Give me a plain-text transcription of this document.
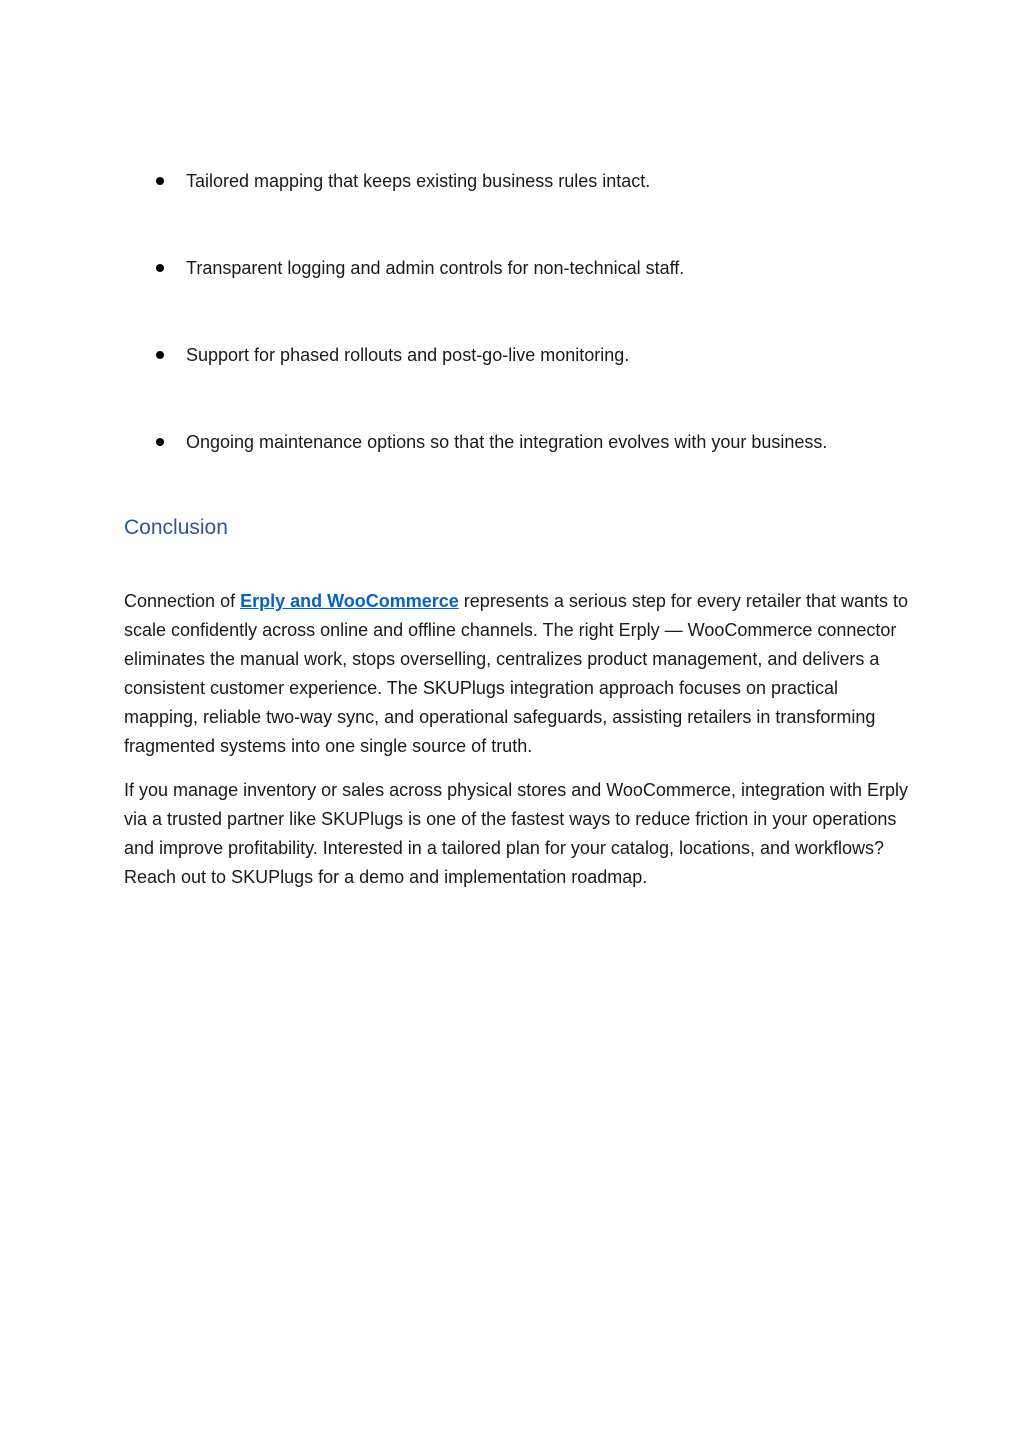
Tailored mapping that keeps existing business rules intact.
Transparent logging and admin controls for non-technical staff.
Support for phased rollouts and post-go-live monitoring.
Ongoing maintenance options so that the integration evolves with your business.
Conclusion

Connection of Erply and WooCommerce represents a serious step for every retailer that wants to scale confidently across online and offline channels. The right Erply — WooCommerce connector eliminates the manual work, stops overselling, centralizes product management, and delivers a consistent customer experience. The SKUPlugs integration approach focuses on practical mapping, reliable two-way sync, and operational safeguards, assisting retailers in transforming fragmented systems into one single source of truth.

If you manage inventory or sales across physical stores and WooCommerce, integration with Erply via a trusted partner like SKUPlugs is one of the fastest ways to reduce friction in your operations and improve profitability. Interested in a tailored plan for your catalog, locations, and workflows? Reach out to SKUPlugs for a demo and implementation roadmap.
